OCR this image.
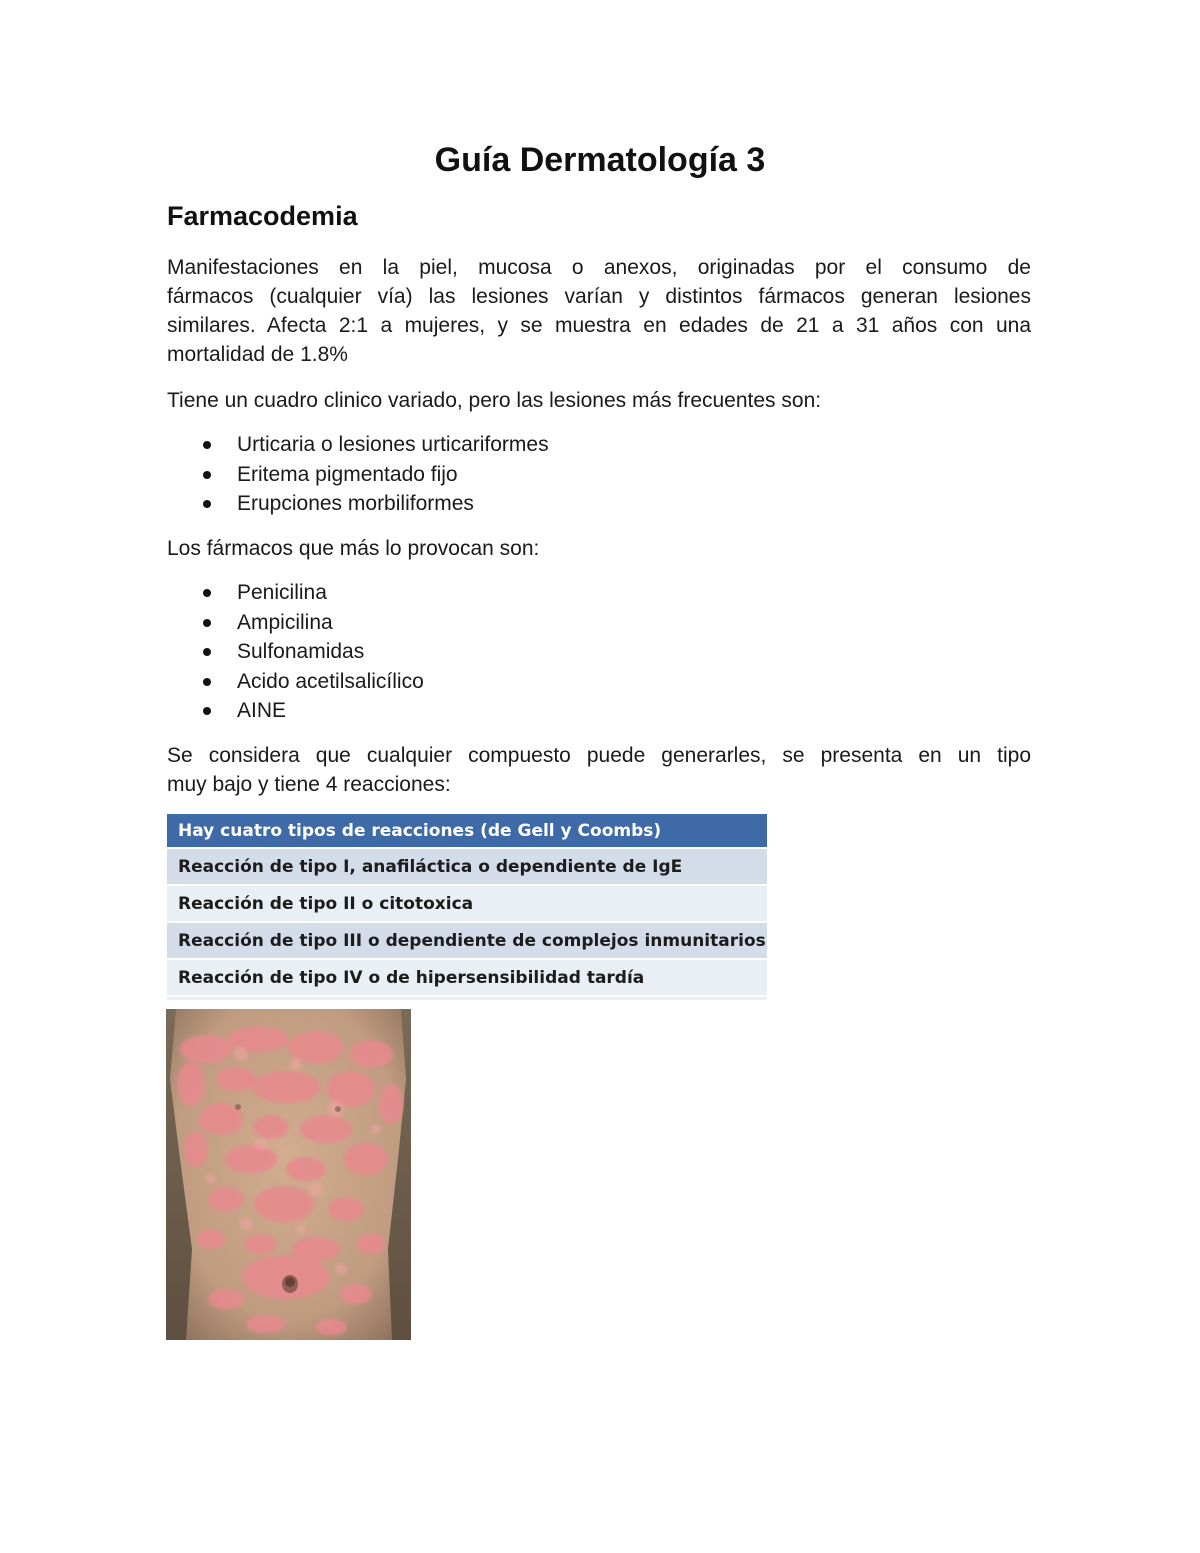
Guía Dermatología 3
Farmacodemia

Manifestaciones en la piel, mucosa o anexos, originadas por el consumo de
fármacos (cualquier vía) las lesiones varían y distintos fármacos generan lesiones
similares. Afecta 2:1 a mujeres, y se muestra en edades de 21 a 31 años con una
mortalidad de 1.8%

Tiene un cuadro clinico variado, pero las lesiones más frecuentes son:

Urticaria o lesiones urticariformes
Eritema pigmentado fijo
Erupciones morbiliformes

Los fármacos que más lo provocan son:

Penicilina
Ampicilina
Sulfonamidas
Acido acetilsalicílico
AINE

Se considera que cualquier compuesto puede generarles, se presenta en un tipo
muy bajo y tiene 4 reacciones:

Hay cuatro tipos de reacciones (de Gell y Coombs)
Reacción de tipo I, anafiláctica o dependiente de IgE
Reacción de tipo II o citotoxica
Reacción de tipo III o dependiente de complejos inmunitarios
Reacción de tipo IV o de hipersensibilidad tardía
